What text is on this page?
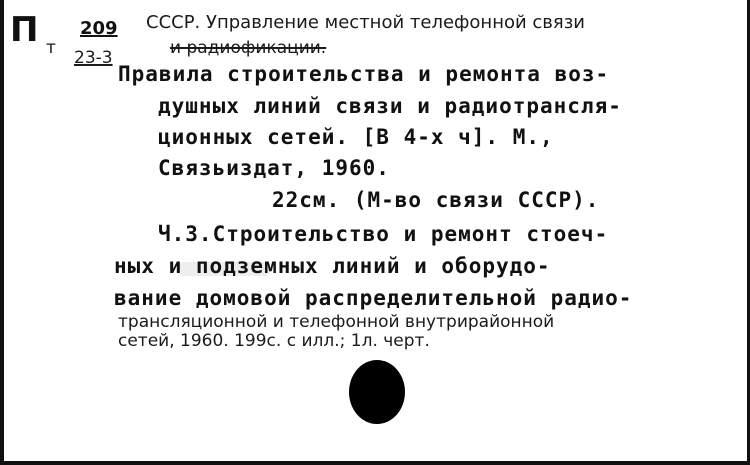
П т
209
23-3
СССР. Управление местной телефонной связи
и радиофикации.
Правила строительства и ремонта воз-
душных линий связи и радиотрансля-
ционных сетей. [В 4-х ч]. М.,
Связьиздат, 1960.
22см. (М-во связи СССР).
Ч.3.Строительство и ремонт стоеч-
ных и подземных линий и оборудо-
вание домовой распределительной радио-
трансляционной и телефонной внутрирайонной
сетей, 1960. 199с. с илл.; 1л. черт.
